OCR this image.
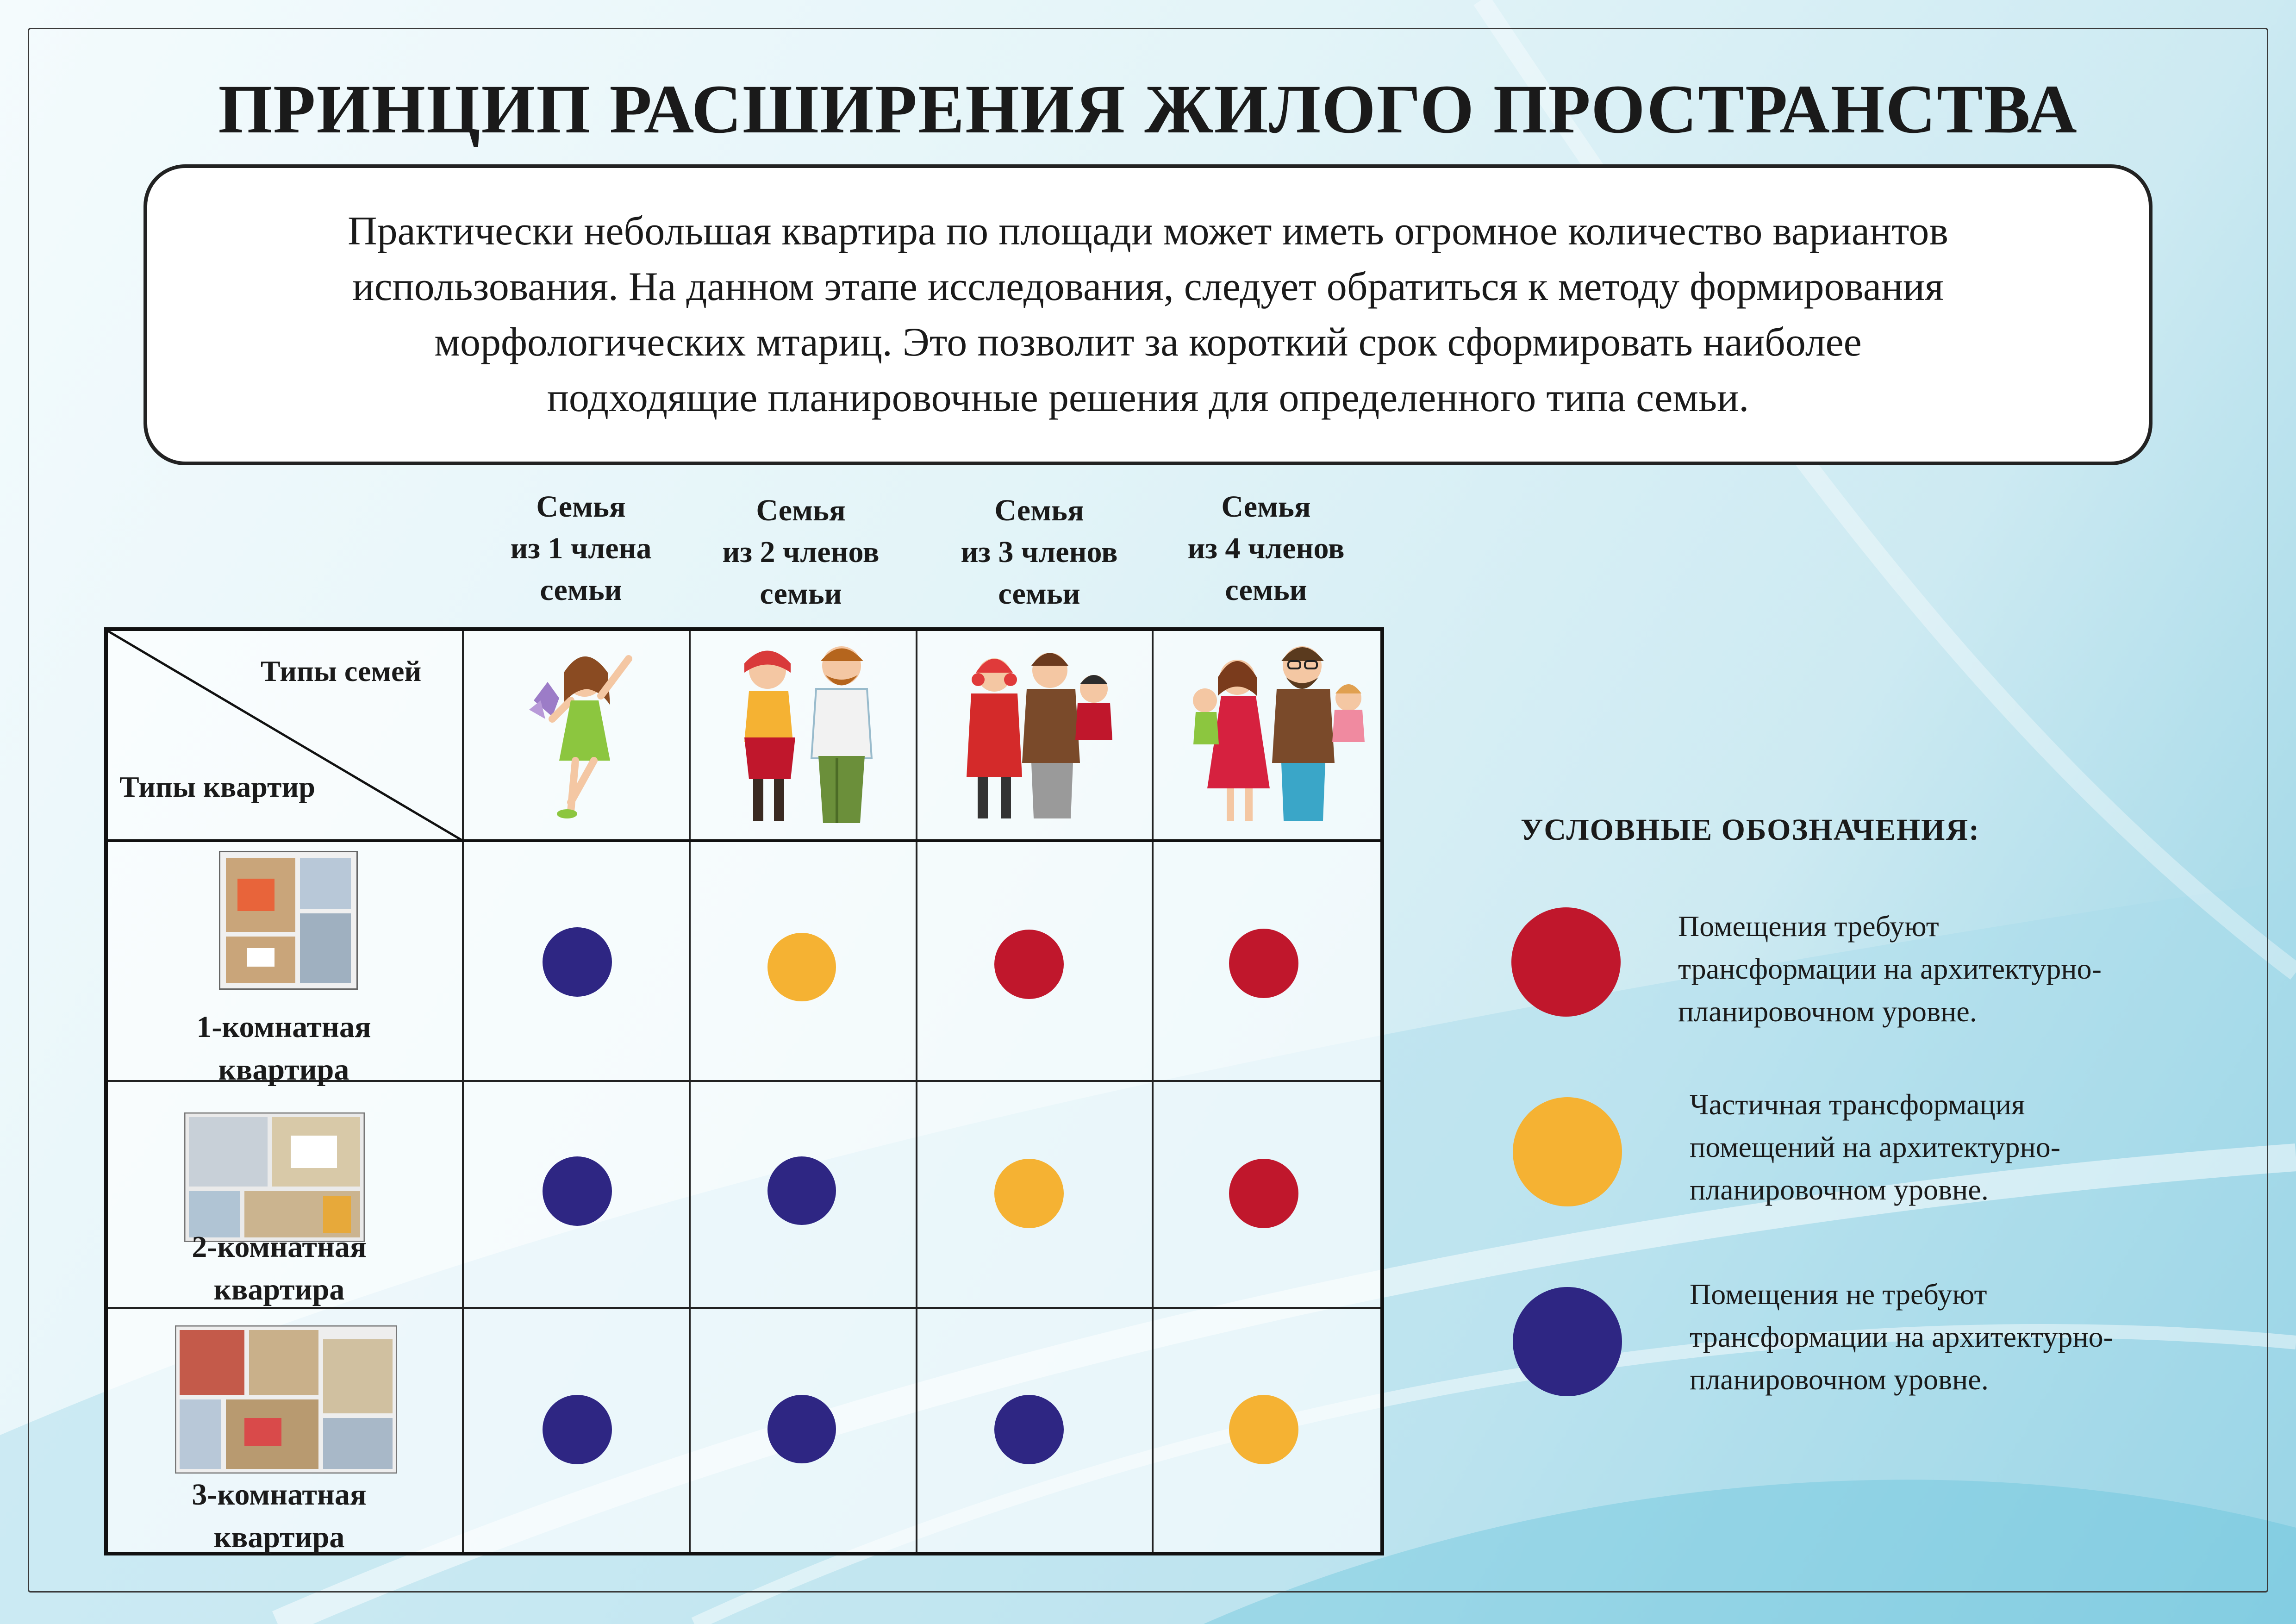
ПРИНЦИП РАСШИРЕНИЯ ЖИЛОГО ПРОСТРАНСТВА

Практически небольшая квартира по площади может иметь огромное количество вариантов
использования. На данном этапе исследования, следует обратиться к методу формирования
морфологических мтариц. Это позволит за короткий срок сформировать наиболее
подходящие планировочные решения для определенного типа семьи.

Семья
из 1 члена
семьи
Семья
из 2 членов
семьи
Семья
из 3 членов
семьи
Семья
из 4 членов
семьи
Типы семей
Типы квартир
1-комнатная
квартира
2-комнатная
квартира
3-комнатная
квартира
УСЛОВНЫЕ ОБОЗНАЧЕНИЯ:
Помещения требуют
трансформации на архитектурно-
планировочном уровне.
Частичная трансформация
помещений на архитектурно-
планировочном уровне.
Помещения не требуют
трансформации на архитектурно-
планировочном уровне.
